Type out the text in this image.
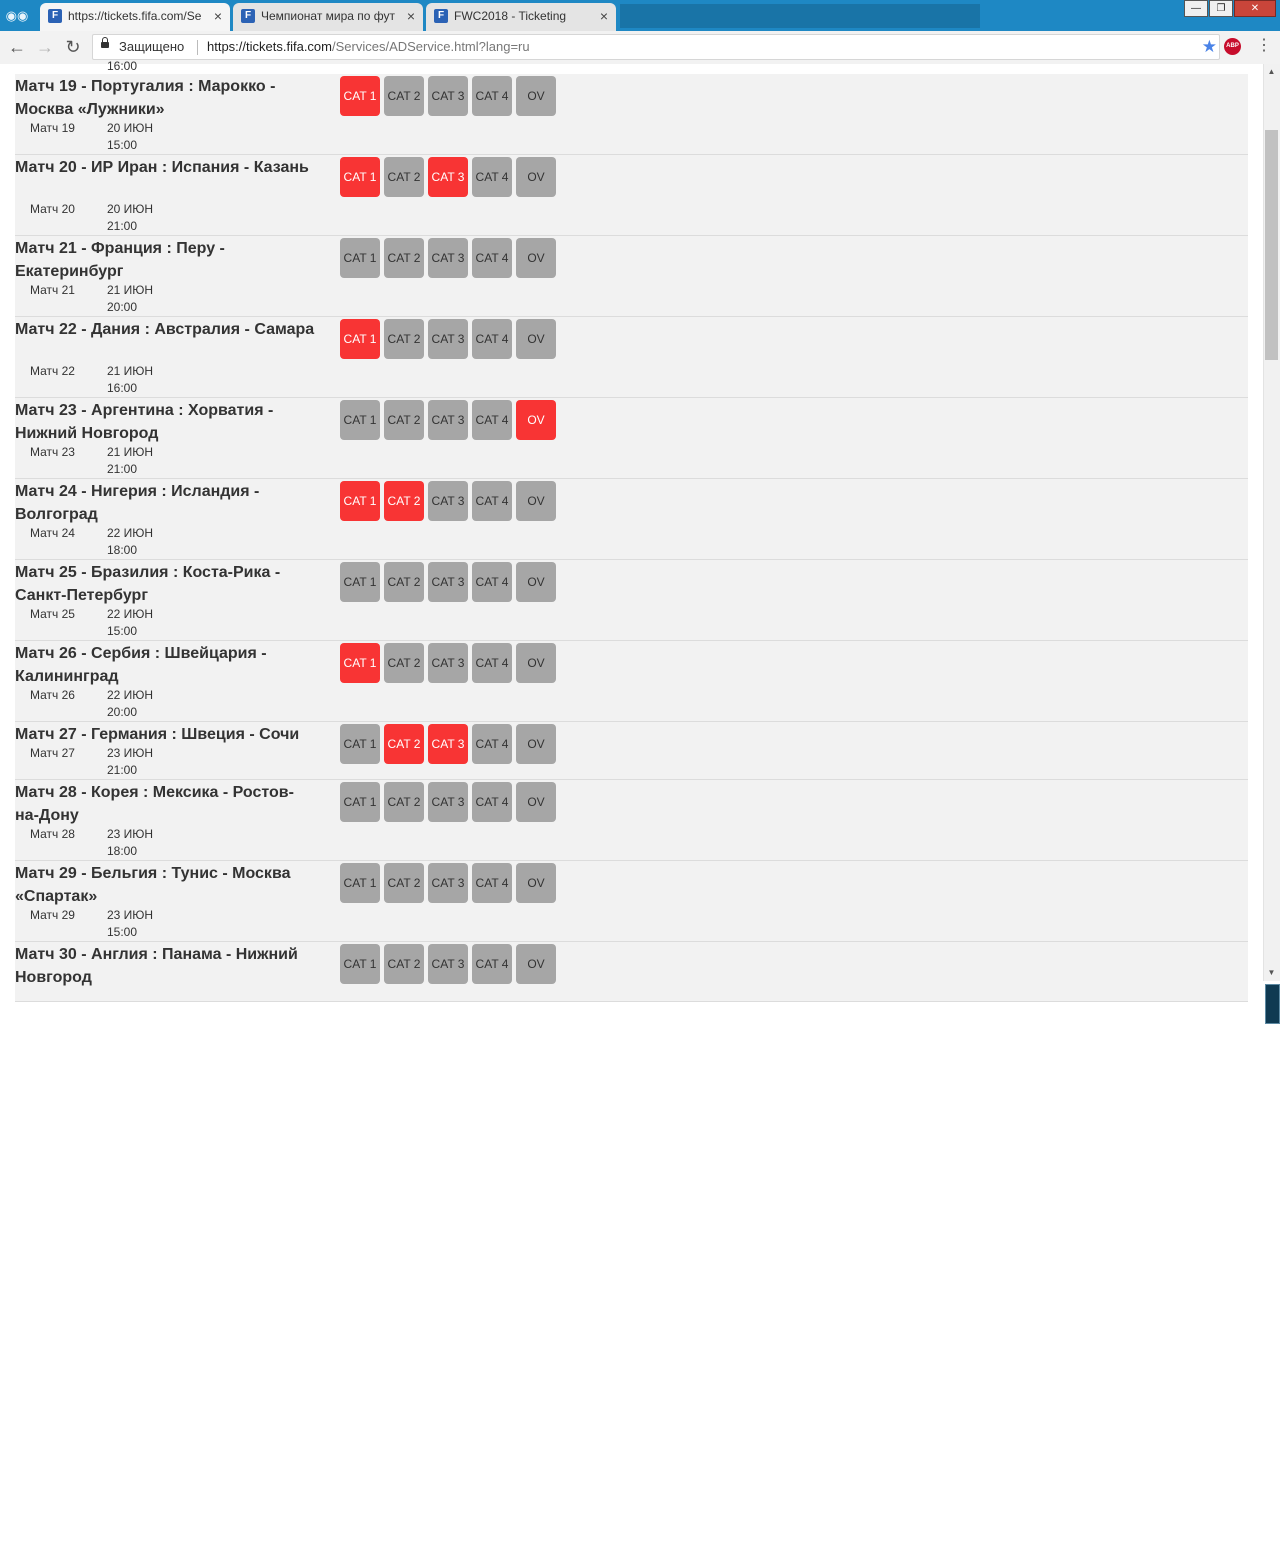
◉◉	F https://tickets.fifa.com/Se ×	F Чемпионат мира по фут ×	F FWC2018 - Ticketing	×	—	❐	✕
← → ↻	Защищено https://tickets.fifa.com/Services/ADService.html?lang=ru	★	ABP ⋮
16:00
Матч 19 - Португалия : Марокко - Москва «Лужники»
Матч 19	20 ИЮН
15:00
CAT 1 CAT 2 CAT 3 CAT 4	OV
Матч 20 - ИР Иран : Испания - Казань
Матч 20	20 ИЮН
21:00
CAT 1 CAT 2 CAT 3 CAT 4	OV
Матч 21 - Франция : Перу - Екатеринбург
Матч 21	21 ИЮН
20:00
CAT 1 CAT 2 CAT 3 CAT 4	OV
Матч 22 - Дания : Австралия - Самара
Матч 22	21 ИЮН
16:00
CAT 1 CAT 2 CAT 3 CAT 4	OV
Матч 23 - Аргентина : Хорватия - Нижний Новгород
Матч 23	21 ИЮН
21:00
CAT 1 CAT 2 CAT 3 CAT 4	OV
Матч 24 - Нигерия : Исландия - Волгоград
Матч 24	22 ИЮН
18:00
CAT 1 CAT 2 CAT 3 CAT 4	OV
Матч 25 - Бразилия : Коста-Рика - Санкт-Петербург
Матч 25	22 ИЮН
15:00
CAT 1 CAT 2 CAT 3 CAT 4	OV
Матч 26 - Сербия : Швейцария - Калининград
Матч 26	22 ИЮН
20:00
CAT 1 CAT 2 CAT 3 CAT 4	OV
Матч 27 - Германия : Швеция - Сочи
Матч 27	23 ИЮН
21:00
CAT 1 CAT 2 CAT 3 CAT 4	OV
Матч 28 - Корея : Мексика - Ростов-на-Дону
Матч 28	23 ИЮН
18:00
CAT 1 CAT 2 CAT 3 CAT 4	OV
Матч 29 - Бельгия : Тунис - Москва «Спартак»
Матч 29	23 ИЮН
15:00
CAT 1 CAT 2 CAT 3 CAT 4	OV
Матч 30 - Англия : Панама - Нижний Новгород
CAT 1 CAT 2 CAT 3 CAT 4	OV
▲
▼
